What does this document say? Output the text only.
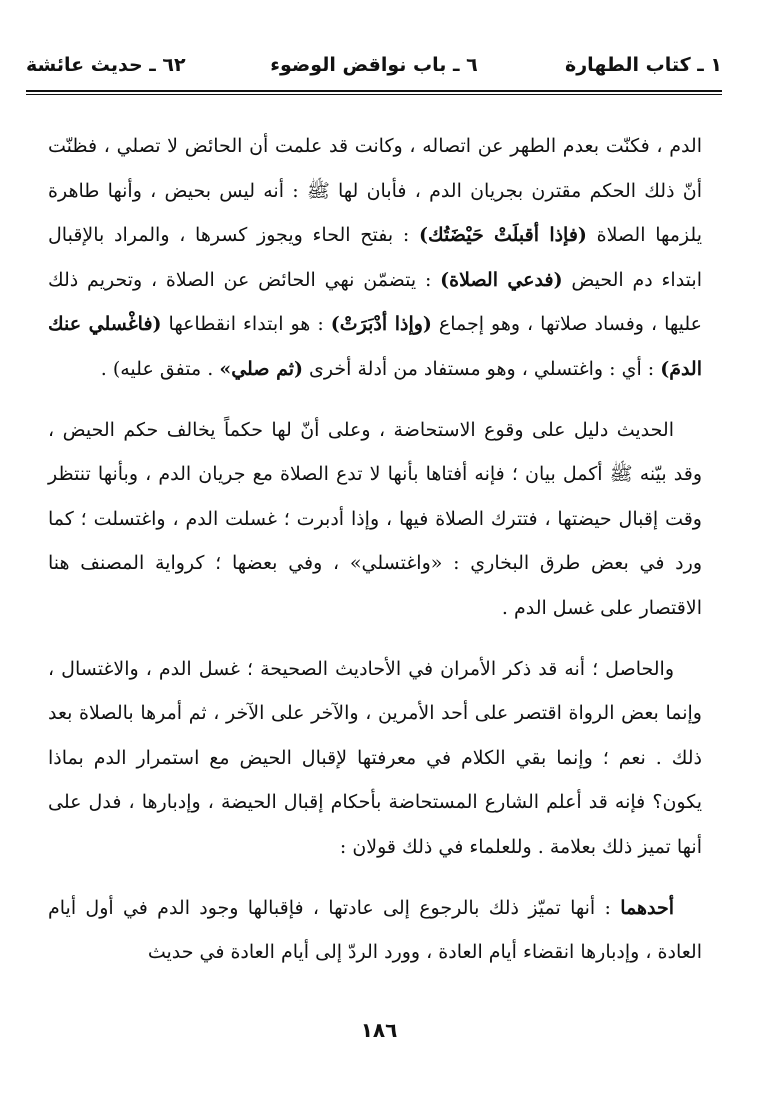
١ ـ كتاب الطهارة
٦ ـ باب نواقض الوضوء
٦٢ ـ حديث عائشة

الدم ، فكنّت بعدم الطهر عن اتصاله ، وكانت قد علمت أن الحائض لا تصلي ، فظنّت أنّ ذلك الحكم مقترن بجريان الدم ، فأبان لها ﷺ : أنه ليس بحيض ، وأنها طاهرة يلزمها الصلاة (فإذا أقبلَتْ حَيْضَتُك) : بفتح الحاء ويجوز كسرها ، والمراد بالإقبال ابتداء دم الحيض (فدعي الصلاة) : يتضمّن نهي الحائض عن الصلاة ، وتحريم ذلك عليها ، وفساد صلاتها ، وهو إجماع (وإذا أدْبَرَتْ) : هو ابتداء انقطاعها (فاغْسلي عنك الدمَ) : أي : واغتسلي ، وهو مستفاد من أدلة أخرى (ثم صلي» . متفق عليه) .

الحديث دليل على وقوع الاستحاضة ، وعلى أنّ لها حكماً يخالف حكم الحيض ، وقد بيّنه ﷺ أكمل بيان ؛ فإنه أفتاها بأنها لا تدع الصلاة مع جريان الدم ، وبأنها تنتظر وقت إقبال حيضتها ، فتترك الصلاة فيها ، وإذا أدبرت ؛ غسلت الدم ، واغتسلت ؛ كما ورد في بعض طرق البخاري : «واغتسلي» ، وفي بعضها ؛ كرواية المصنف هنا الاقتصار على غسل الدم .

والحاصل ؛ أنه قد ذكر الأمران في الأحاديث الصحيحة ؛ غسل الدم ، والاغتسال ، وإنما بعض الرواة اقتصر على أحد الأمرين ، والآخر على الآخر ، ثم أمرها بالصلاة بعد ذلك . نعم ؛ وإنما بقي الكلام في معرفتها لإقبال الحيض مع استمرار الدم بماذا يكون؟ فإنه قد أعلم الشارع المستحاضة بأحكام إقبال الحيضة ، وإدبارها ، فدل على أنها تميز ذلك بعلامة . وللعلماء في ذلك قولان :

أحدهما : أنها تميّز ذلك بالرجوع إلى عادتها ، فإقبالها وجود الدم في أول أيام العادة ، وإدبارها انقضاء أيام العادة ، وورد الردّ إلى أيام العادة في حديث

١٨٦
